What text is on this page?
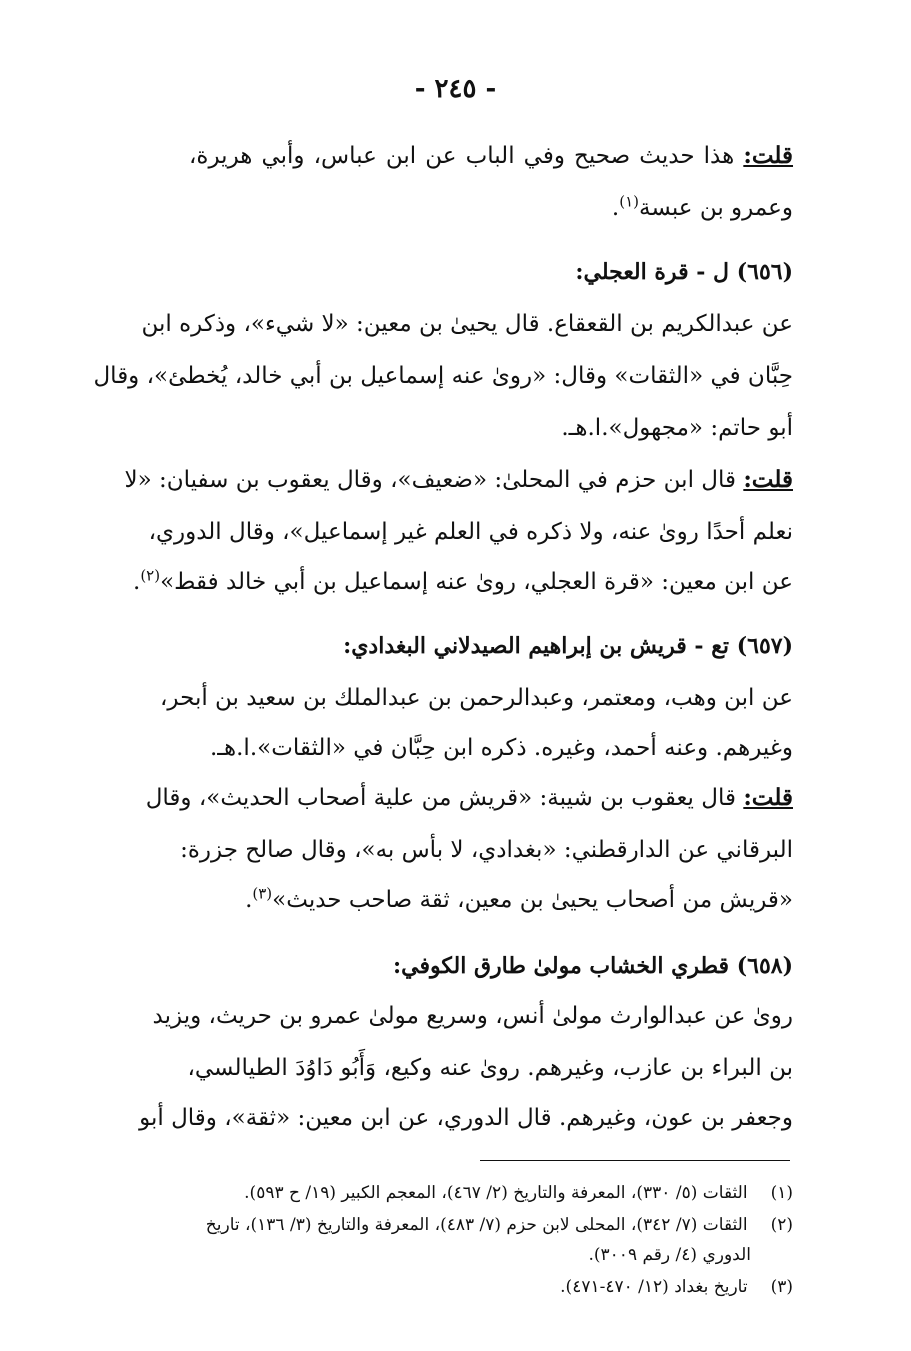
- ٢٤٥ -
قلت: هذا حديث صحيح وفي الباب عن ابن عباس، وأبي هريرة،
وعمرو بن عبسة$^{(١)}$.
(٦٥٦) ل - قرة العجلي:
عن عبدالكريم بن القعقاع. قال يحيىٰ بن معين: «لا شيء»، وذكره ابن
حِبَّان في «الثقات» وقال: «روىٰ عنه إسماعيل بن أبي خالد، يُخطئ»، وقال
أبو حاتم: «مجهول».ا.هـ.
قلت: قال ابن حزم في المحلىٰ: «ضعيف»، وقال يعقوب بن سفيان: «لا
نعلم أحدًا روىٰ عنه، ولا ذكره في العلم غير إسماعيل»، وقال الدوري،
عن ابن معين: «قرة العجلي، روىٰ عنه إسماعيل بن أبي خالد فقط»$^{(٢)}$.
(٦٥٧) تع - قريش بن إبراهيم الصيدلاني البغدادي:
عن ابن وهب، ومعتمر، وعبدالرحمن بن عبدالملك بن سعيد بن أبحر،
وغيرهم. وعنه أحمد، وغيره. ذكره ابن حِبَّان في «الثقات».ا.هـ.
قلت: قال يعقوب بن شيبة: «قريش من علية أصحاب الحديث»، وقال
البرقاني عن الدارقطني: «بغدادي، لا بأس به»، وقال صالح جزرة:
«قريش من أصحاب يحيىٰ بن معين، ثقة صاحب حديث»$^{(٣)}$.
(٦٥٨) قطري الخشاب مولىٰ طارق الكوفي:
روىٰ عن عبدالوارث مولىٰ أنس، وسريع مولىٰ عمرو بن حريث، ويزيد
بن البراء بن عازب، وغيرهم. روىٰ عنه وكيع، وَأَبُو دَاوُدَ الطيالسي،
وجعفر بن عون، وغيرهم. قال الدوري، عن ابن معين: «ثقة»، وقال أبو
(١) الثقات (٥/ ٣٣٠)، المعرفة والتاريخ (٢/ ٤٦٧)، المعجم الكبير (١٩/ ح ٥٩٣).
(٢) الثقات (٧/ ٣٤٢)، المحلى لابن حزم (٧/ ٤٨٣)، المعرفة والتاريخ (٣/ ١٣٦)، تاريخ
الدوري (٤/ رقم ٣٠٠٩).
(٣) تاريخ بغداد (١٢/ ٤٧٠-٤٧١).
